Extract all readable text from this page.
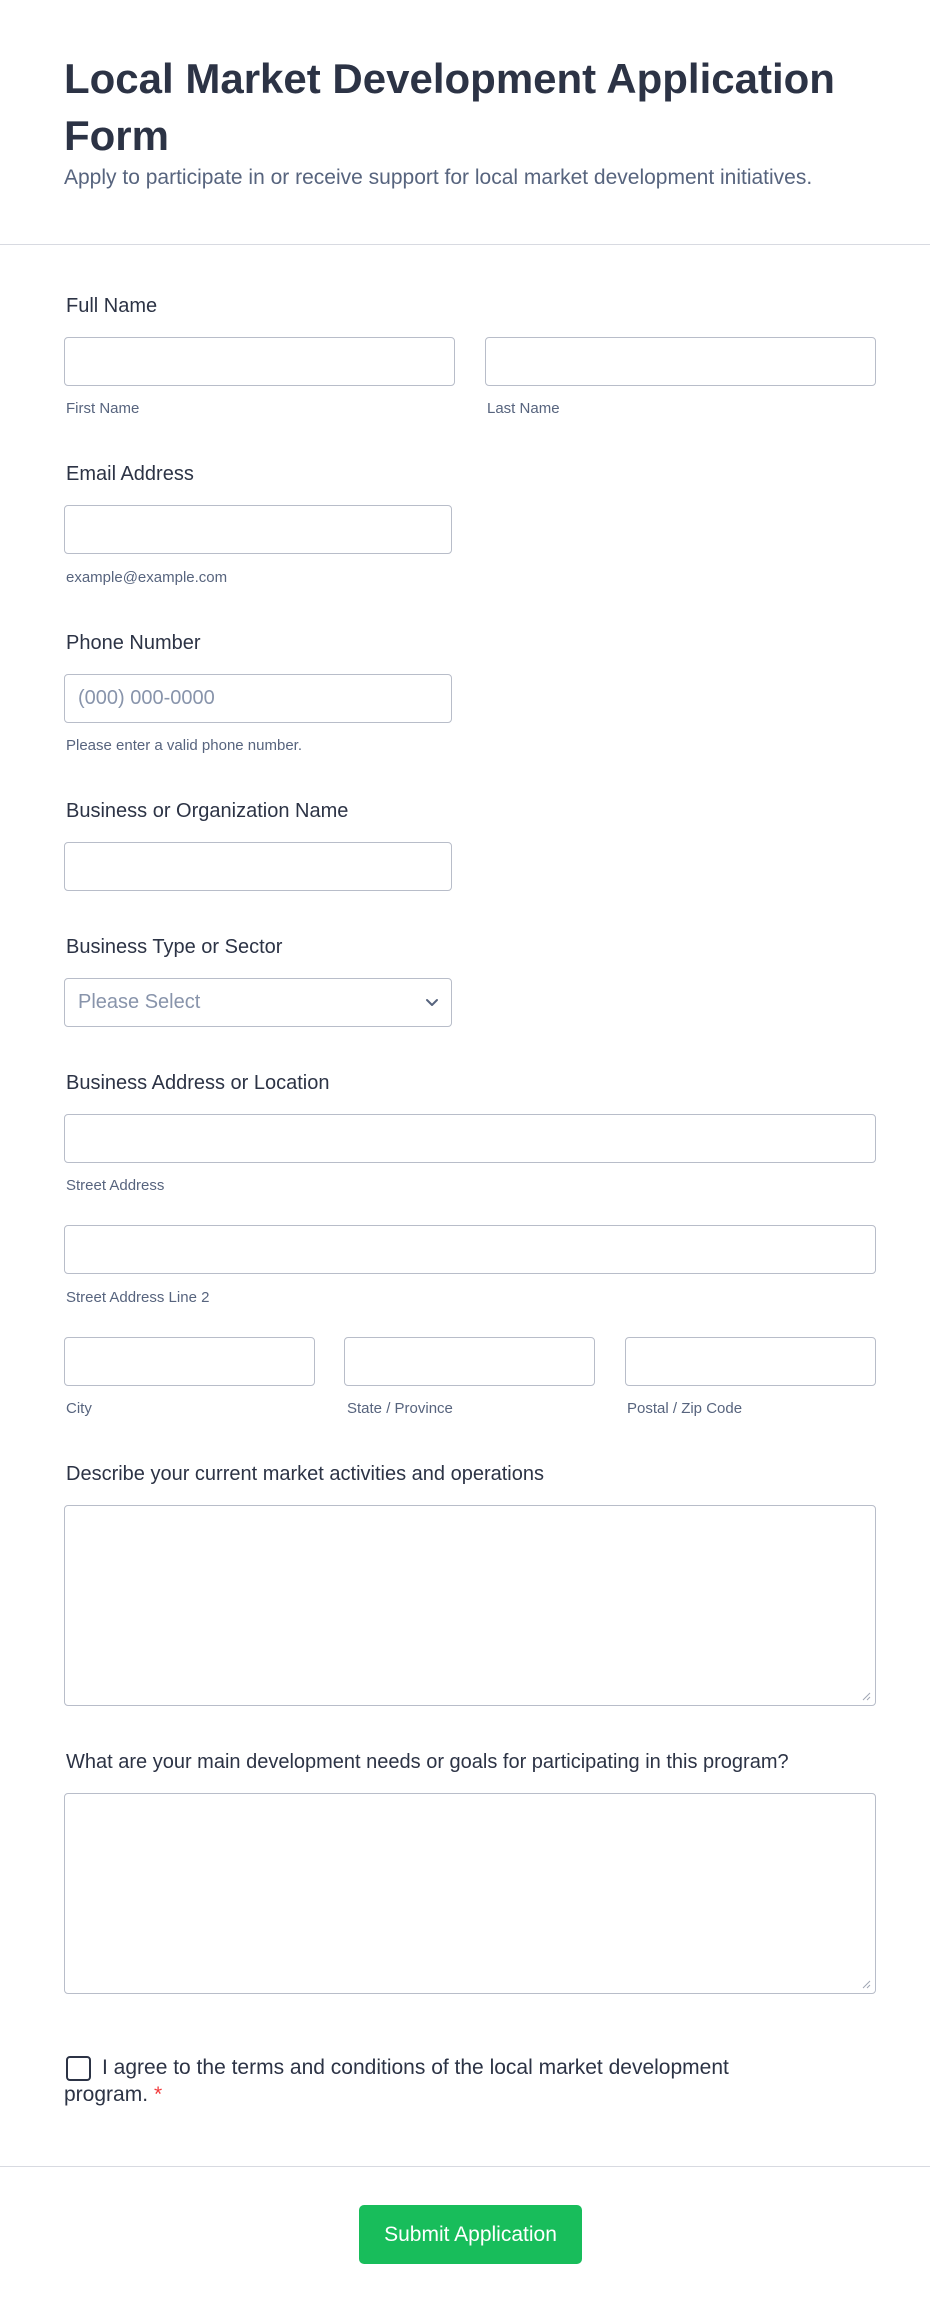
Local Market Development Application Form
Apply to participate in or receive support for local market development initiatives.
Full Name
First Name	Last Name
Email Address
example@example.com
Phone Number
(000) 000-0000
Please enter a valid phone number.
Business or Organization Name
Business Type or Sector
Please Select
Business Address or Location
Street Address
Street Address Line 2
City	State / Province	Postal / Zip Code
Describe your current market activities and operations
What are your main development needs or goals for participating in this program?
I agree to the terms and conditions of the local market development program. *
Submit Application
